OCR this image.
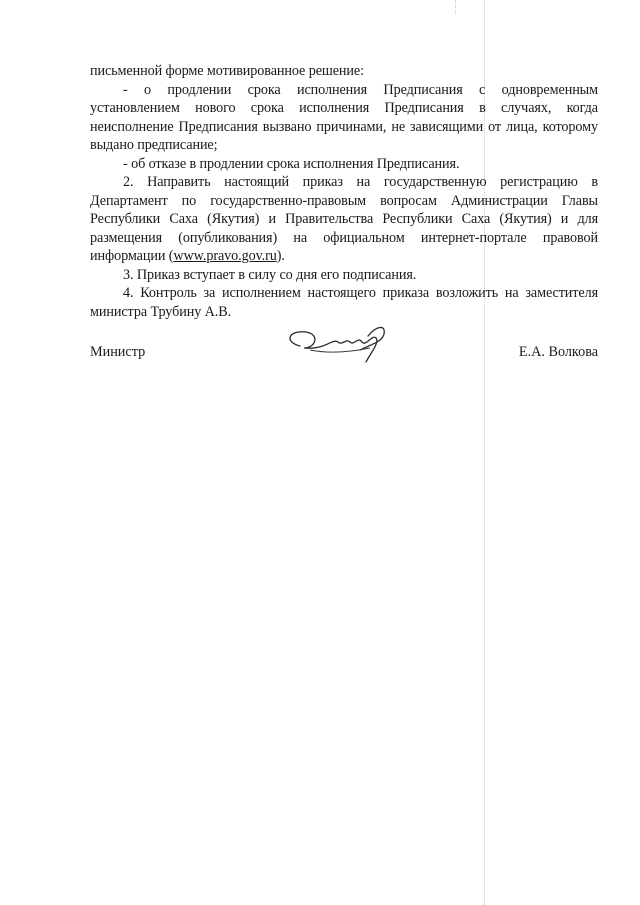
письменной форме мотивированное решение:

- о продлении срока исполнения Предписания с одновременным установлением нового срока исполнения Предписания в случаях, когда неисполнение Предписания вызвано причинами, не зависящими от лица, которому выдано предписание;

- об отказе в продлении срока исполнения Предписания.

2. Направить настоящий приказ на государственную регистрацию в Департамент по государственно-правовым вопросам Администрации Главы Республики Саха (Якутия) и Правительства Республики Саха (Якутия) и для размещения (опубликования) на официальном интернет-портале правовой информации (www.pravo.gov.ru).

3. Приказ вступает в силу со дня его подписания.

4. Контроль за исполнением настоящего приказа возложить на заместителя министра Трубину А.В.

Министр	Е.А. Волкова
